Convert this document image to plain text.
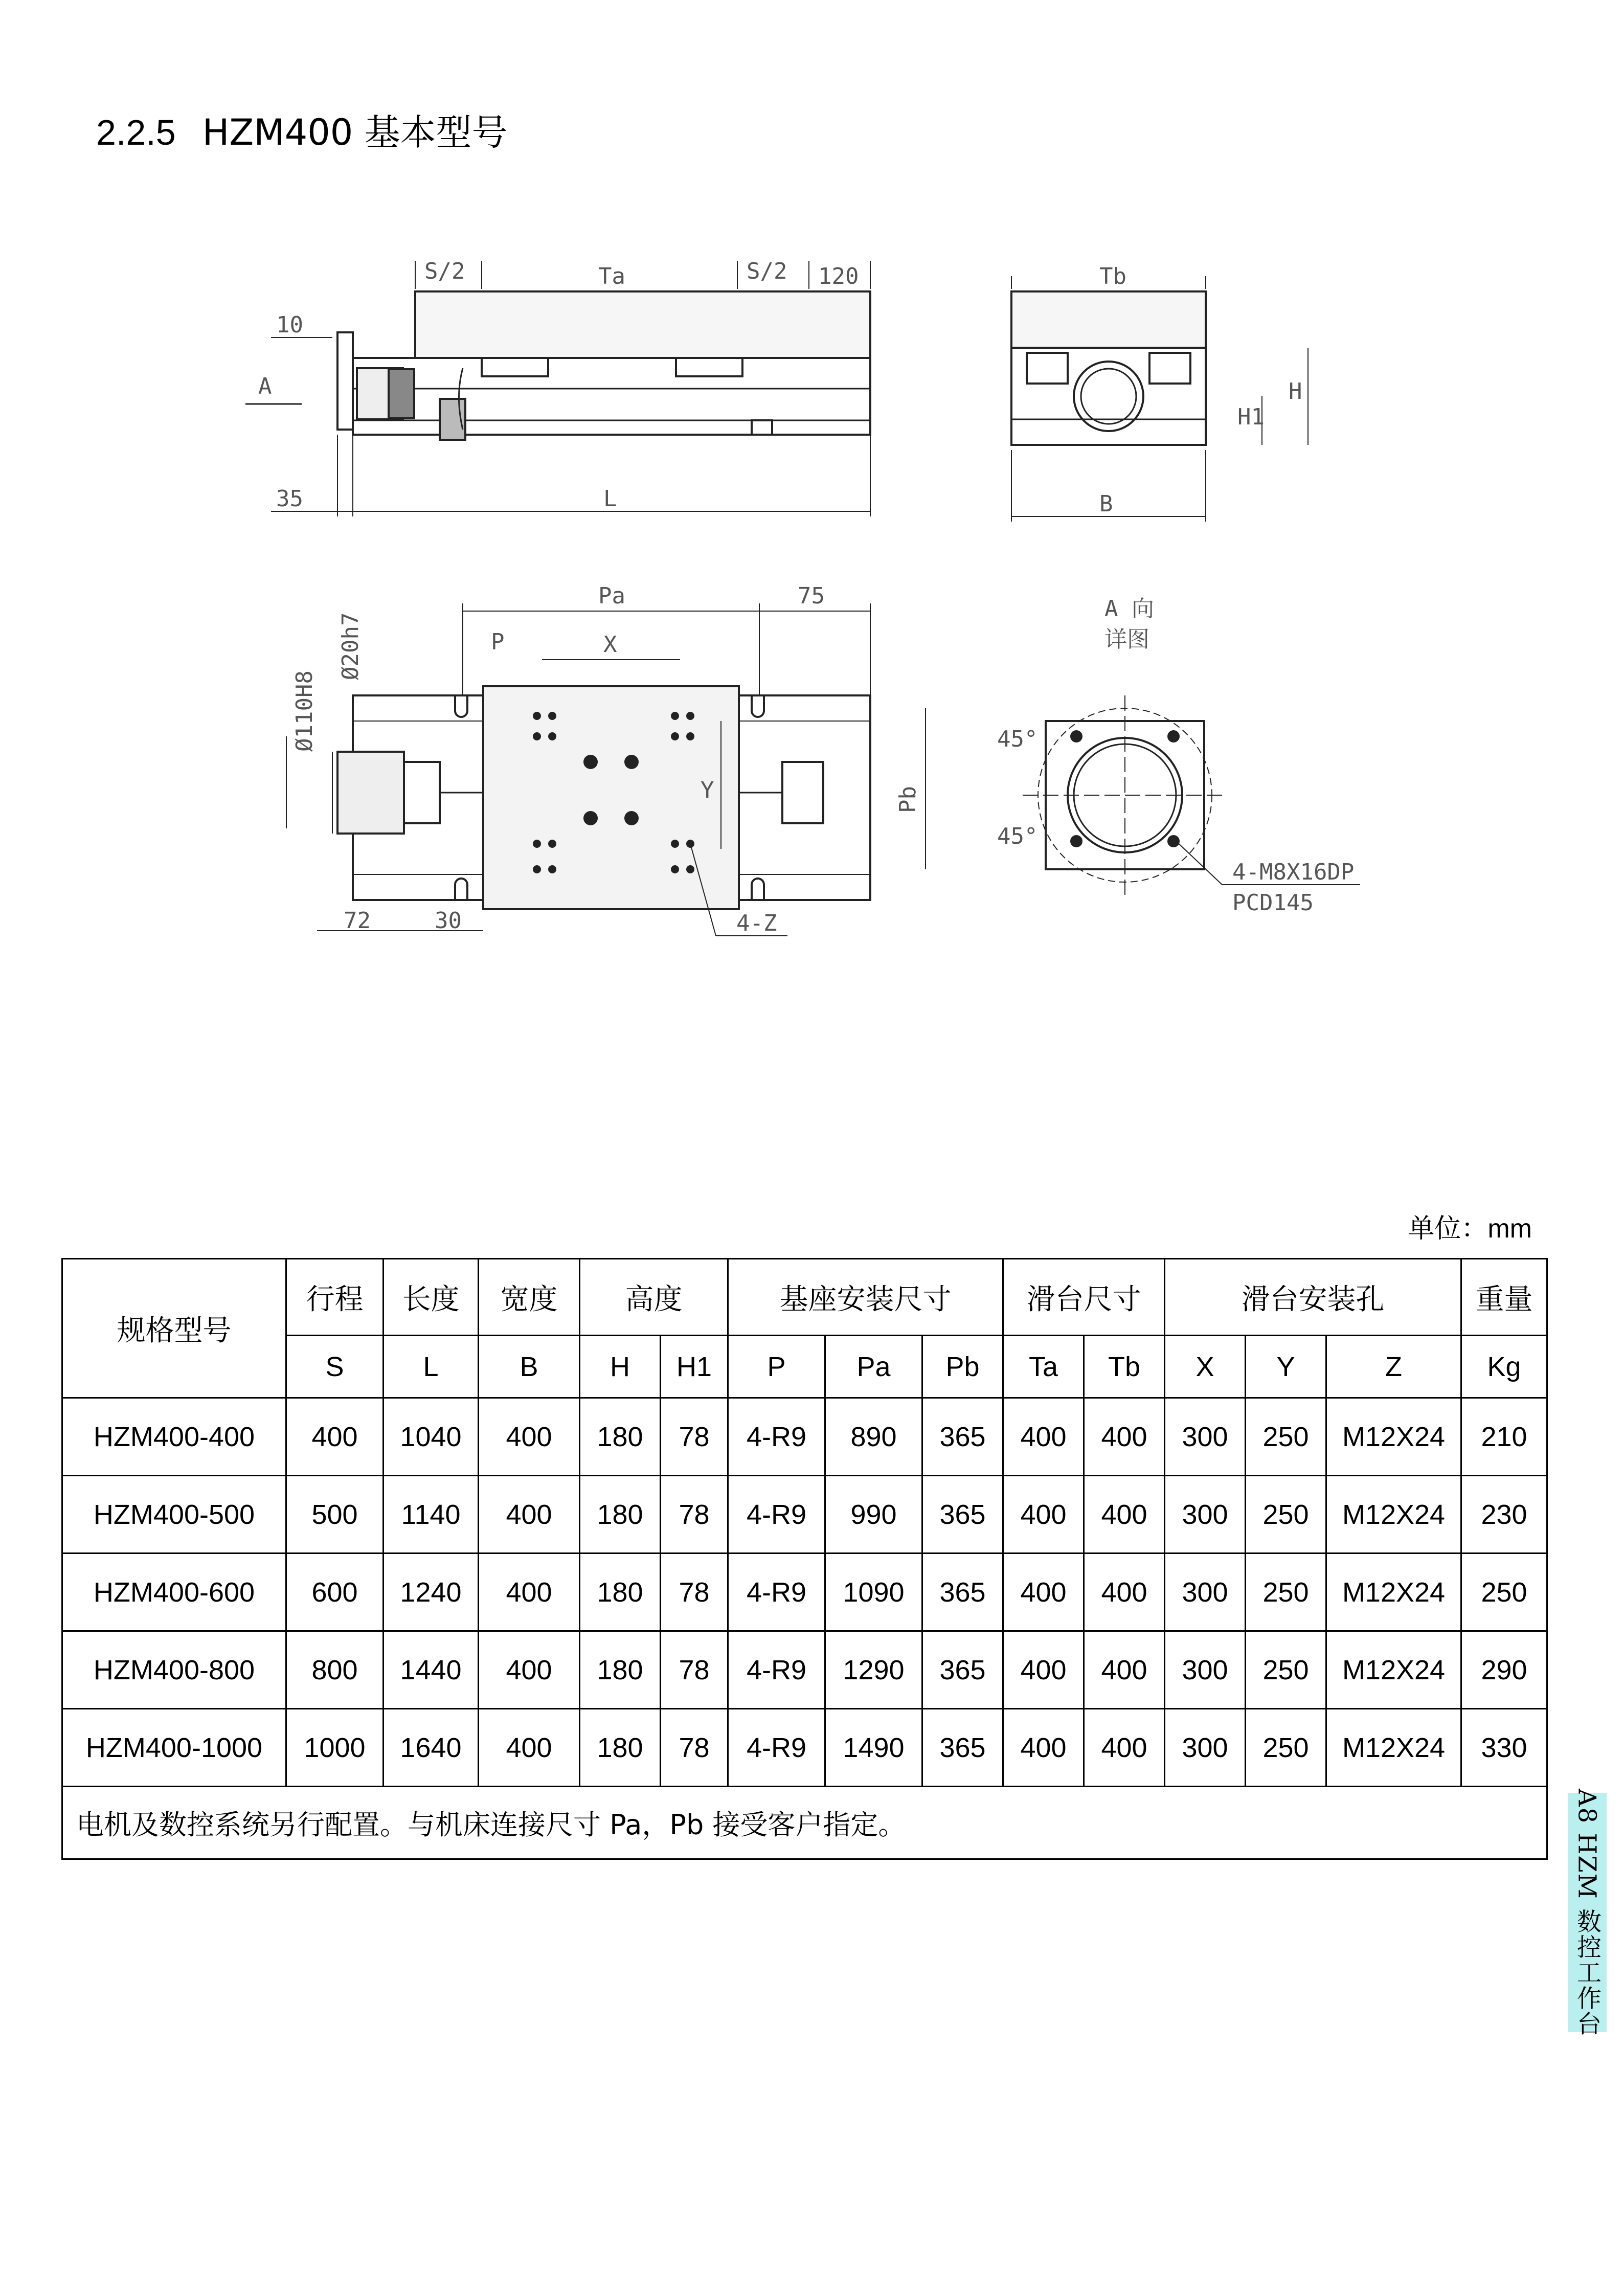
2.2.5 HZM400 基本型号
S/2	Ta	S/2 120
10
A
35	L
Tb
H
H1
B
Pa	75
P	X
Ø20h7
Ø110H8
Y	Pb
72	30	4-Z
A 向
详图
45°
45°
4-M8X16DP
PCD145
单位：mm
规格型号	行程	长度	宽度	高度		基座安装尺寸			滑台尺寸		滑台安装孔			重量
	S	L	B	H	H1	P	Pa	Pb	Ta	Tb	X	Y	Z	Kg
HZM400-400	400	1040	400	180	78	4-R9	890	365	400	400	300	250	M12X24	210
HZM400-500	500	1140	400	180	78	4-R9	990	365	400	400	300	250	M12X24	230
HZM400-600	600	1240	400	180	78	4-R9	1090	365	400	400	300	250	M12X24	250
HZM400-800	800	1440	400	180	78	4-R9	1290	365	400	400	300	250	M12X24	290
HZM400-1000	1000	1640	400	180	78	4-R9	1490	365	400	400	300	250	M12X24	330
电机及数控系统另行配置。与机床连接尺寸 Pa，Pb 接受客户指定。															A8 HZM 数控工作台
